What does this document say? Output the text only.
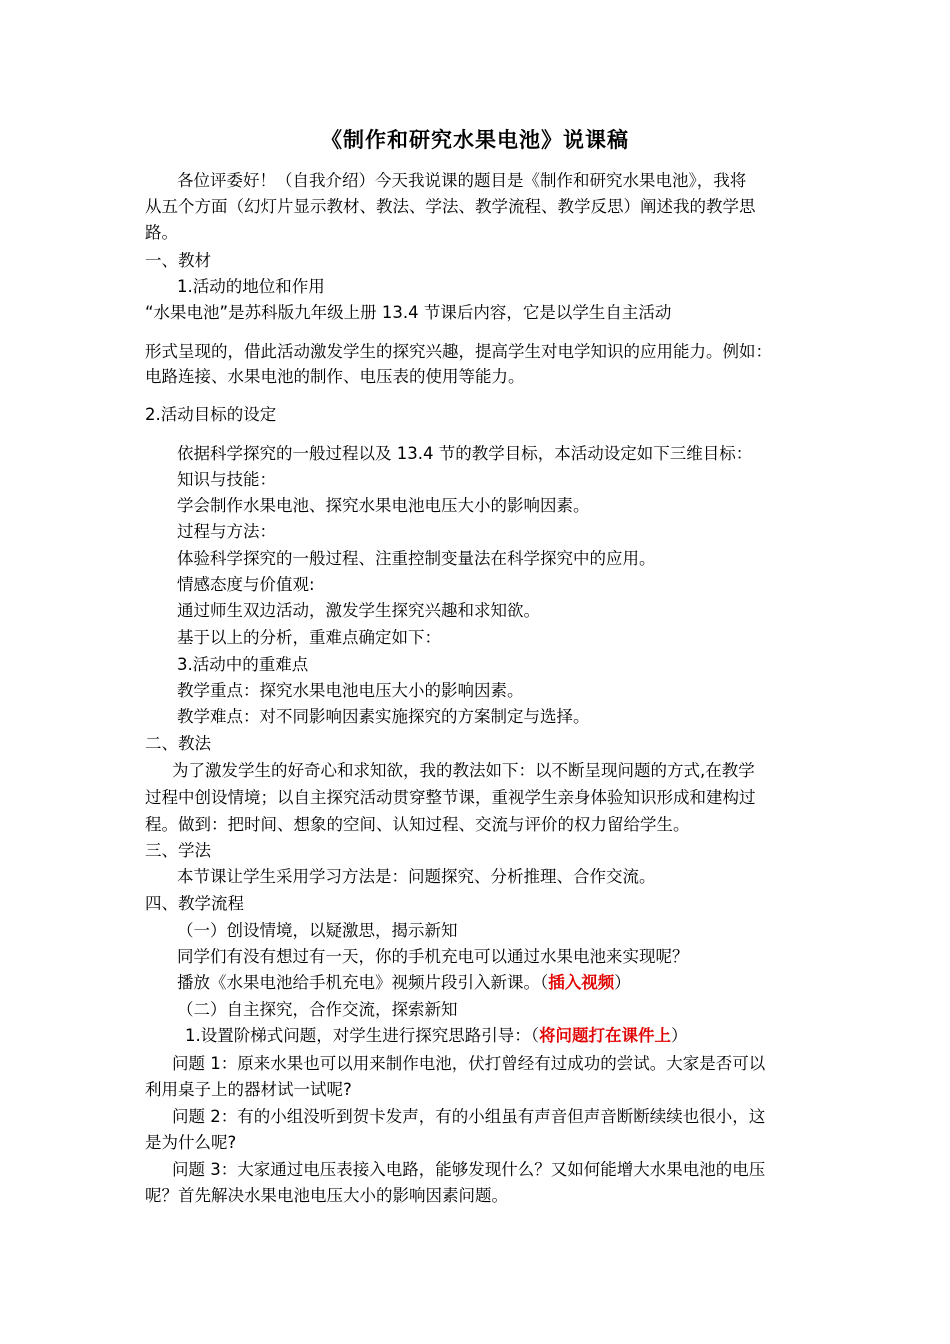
《制作和研究水果电池》说课稿
各位评委好！（自我介绍）今天我说课的题目是《制作和研究水果电池》，我将
从五个方面（幻灯片显示教材、教法、学法、教学流程、教学反思）阐述我的教学思
路。
一、教材
1.活动的地位和作用
“水果电池”是苏科版九年级上册 13.4 节课后内容，它是以学生自主活动
形式呈现的，借此活动激发学生的探究兴趣，提高学生对电学知识的应用能力。例如：
电路连接、水果电池的制作、电压表的使用等能力。
2.活动目标的设定
依据科学探究的一般过程以及 13.4 节的教学目标，本活动设定如下三维目标：
知识与技能：
学会制作水果电池、探究水果电池电压大小的影响因素。
过程与方法：
体验科学探究的一般过程、注重控制变量法在科学探究中的应用。
情感态度与价值观:
通过师生双边活动，激发学生探究兴趣和求知欲。
基于以上的分析，重难点确定如下：
3.活动中的重难点
教学重点：探究水果电池电压大小的影响因素。
教学难点：对不同影响因素实施探究的方案制定与选择。
二、教法
为了激发学生的好奇心和求知欲，我的教法如下：以不断呈现问题的方式,在教学
过程中创设情境；以自主探究活动贯穿整节课，重视学生亲身体验知识形成和建构过
程。做到：把时间、想象的空间、认知过程、交流与评价的权力留给学生。
三、学法
本节课让学生采用学习方法是：问题探究、分析推理、合作交流。
四、教学流程
（一）创设情境，以疑激思，揭示新知
同学们有没有想过有一天，你的手机充电可以通过水果电池来实现呢？
播放《水果电池给手机充电》视频片段引入新课。（插入视频）
（二）自主探究，合作交流，探索新知
1.设置阶梯式问题，对学生进行探究思路引导：（将问题打在课件上）
问题 1：原来水果也可以用来制作电池，伏打曾经有过成功的尝试。大家是否可以
利用桌子上的器材试一试呢?
问题 2：有的小组没听到贺卡发声，有的小组虽有声音但声音断断续续也很小，这
是为什么呢?
问题 3：大家通过电压表接入电路，能够发现什么？又如何能增大水果电池的电压
呢？首先解决水果电池电压大小的影响因素问题。
